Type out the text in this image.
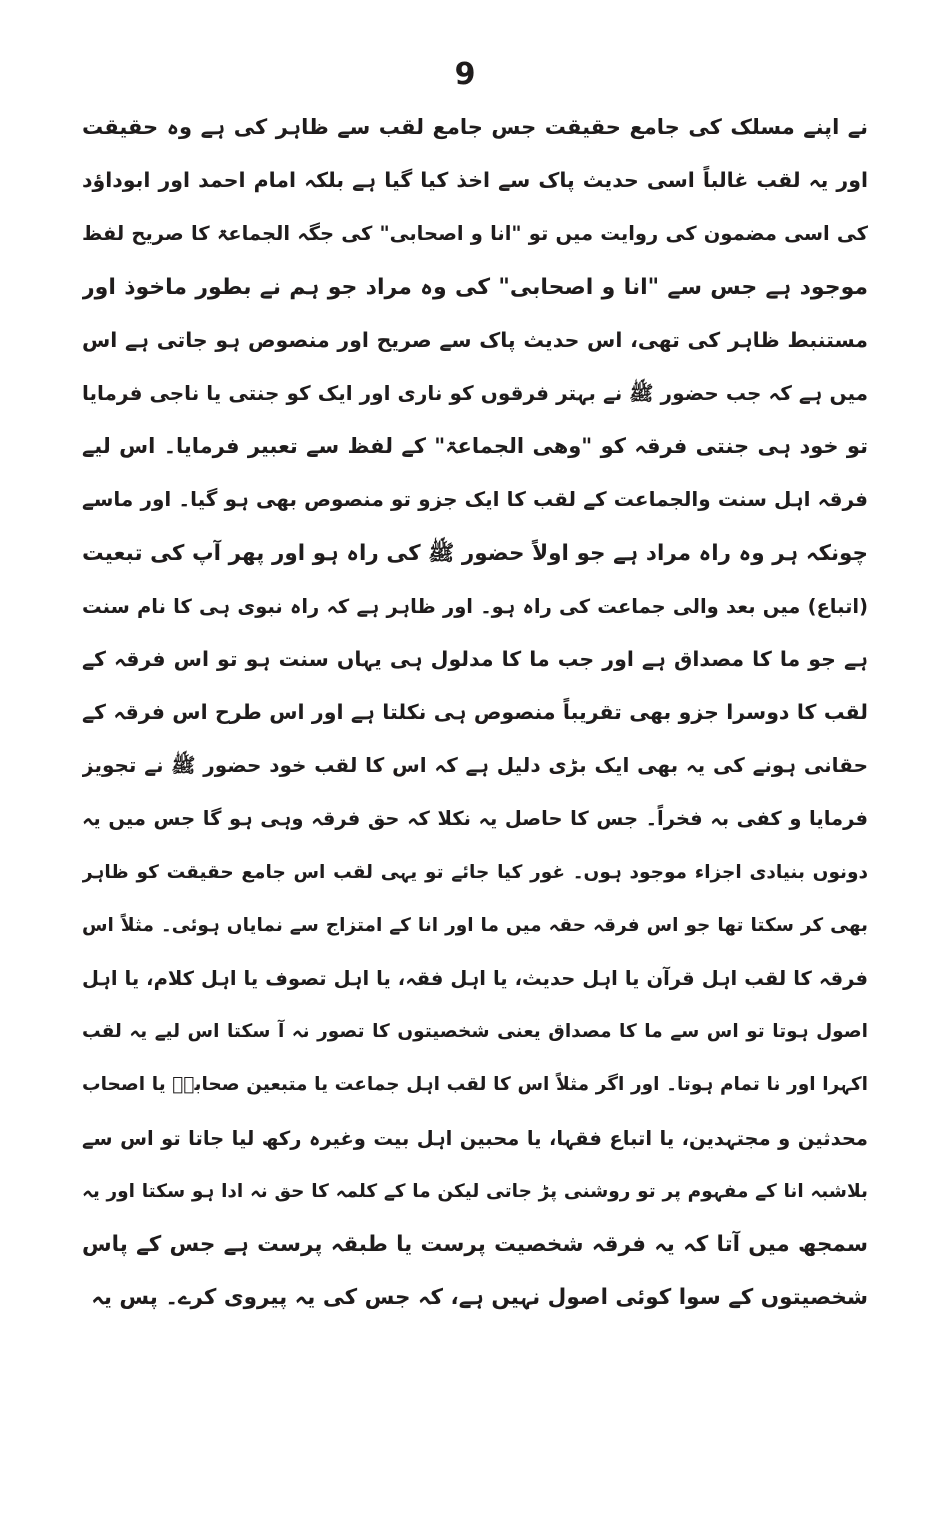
9
نے اپنے مسلک کی جامع حقیقت جس جامع لقب سے ظاہر کی ہے وہ حقیقت
اور یہ لقب غالباً اسی حدیث پاک سے اخذ کیا گیا ہے بلکہ امام احمد اور ابوداؤد
کی اسی مضمون کی روایت میں تو "انا و اصحابی" کی جگہ الجماعۃ کا صریح لفظ
موجود ہے جس سے "انا و اصحابی" کی وہ مراد جو ہم نے بطور ماخوذ اور
مستنبط ظاہر کی تھی، اس حدیث پاک سے صریح اور منصوص ہو جاتی ہے اس
میں ہے کہ جب حضور ﷺ نے بہتر فرقوں کو ناری اور ایک کو جنتی یا ناجی فرمایا
تو خود ہی جنتی فرقہ کو "وھی الجماعۃ" کے لفظ سے تعبیر فرمایا۔ اس لیے
فرقہ اہل سنت والجماعت کے لقب کا ایک جزو تو منصوص بھی ہو گیا۔ اور ماسے
چونکہ ہر وہ راہ مراد ہے جو اولاً حضور ﷺ کی راہ ہو اور پھر آپ کی تبعیت
(اتباع) میں بعد والی جماعت کی راہ ہو۔ اور ظاہر ہے کہ راہ نبوی ہی کا نام سنت
ہے جو ما کا مصداق ہے اور جب ما کا مدلول ہی یہاں سنت ہو تو اس فرقہ کے
لقب کا دوسرا جزو بھی تقریباً منصوص ہی نکلتا ہے اور اس طرح اس فرقہ کے
حقانی ہونے کی یہ بھی ایک بڑی دلیل ہے کہ اس کا لقب خود حضور ﷺ نے تجویز
فرمایا و کفی بہ فخراً۔ جس کا حاصل یہ نکلا کہ حق فرقہ وہی ہو گا جس میں یہ
دونوں بنیادی اجزاء موجود ہوں۔ غور کیا جائے تو یہی لقب اس جامع حقیقت کو ظاہر
بھی کر سکتا تھا جو اس فرقہ حقہ میں ما اور انا کے امتزاج سے نمایاں ہوئی۔ مثلاً اس
فرقہ کا لقب اہل قرآن یا اہل حدیث، یا اہل فقہ، یا اہل تصوف یا اہل کلام، یا اہل
اصول ہوتا تو اس سے ما کا مصداق یعنی شخصیتوں کا تصور نہ آ سکتا اس لیے یہ لقب
اکہرا اور نا تمام ہوتا۔ اور اگر مثلاً اس کا لقب اہل جماعت یا متبعین صحابہؓ یا اصحاب
محدثین و مجتہدین، یا اتباع فقہا، یا محبین اہل بیت وغیرہ رکھ لیا جاتا تو اس سے
بلاشبہ انا کے مفہوم پر تو روشنی پڑ جاتی لیکن ما کے کلمہ کا حق نہ ادا ہو سکتا اور یہ
سمجھ میں آتا کہ یہ فرقہ شخصیت پرست یا طبقہ پرست ہے جس کے پاس
شخصیتوں کے سوا کوئی اصول نہیں ہے، کہ جس کی یہ پیروی کرے۔ پس یہ
